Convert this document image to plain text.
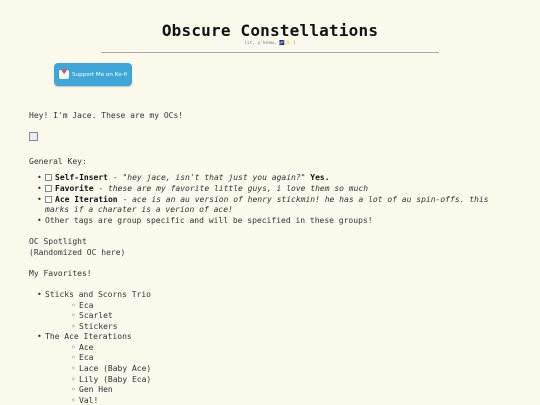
Obscure Constellations
(it, y'know, 🌌✨ )
♥
Support Me on Ko-fi
Hey! I'm Jace. These are my OCs!
General Key:
• Self-Insert - "hey jace, isn't that just you again?" Yes.
• Favorite - these are my favorite little guys, i love them so much
• Ace Iteration - ace is an au version of henry stickmin! he has a lot of au spin-offs. this marks if a charater is a verion of ace!
• Other tags are group specific and will be specified in these groups!
OC Spotlight
(Randomized OC here)
My Favorites!
• Sticks and Scorns Trio
◦ Eca
◦ Scarlet
◦ Stickers
• The Ace Iterations
◦ Ace
◦ Eca
◦ Lace (Baby Ace)
◦ Lily (Baby Eca)
◦ Gen Hen
◦ Val!
